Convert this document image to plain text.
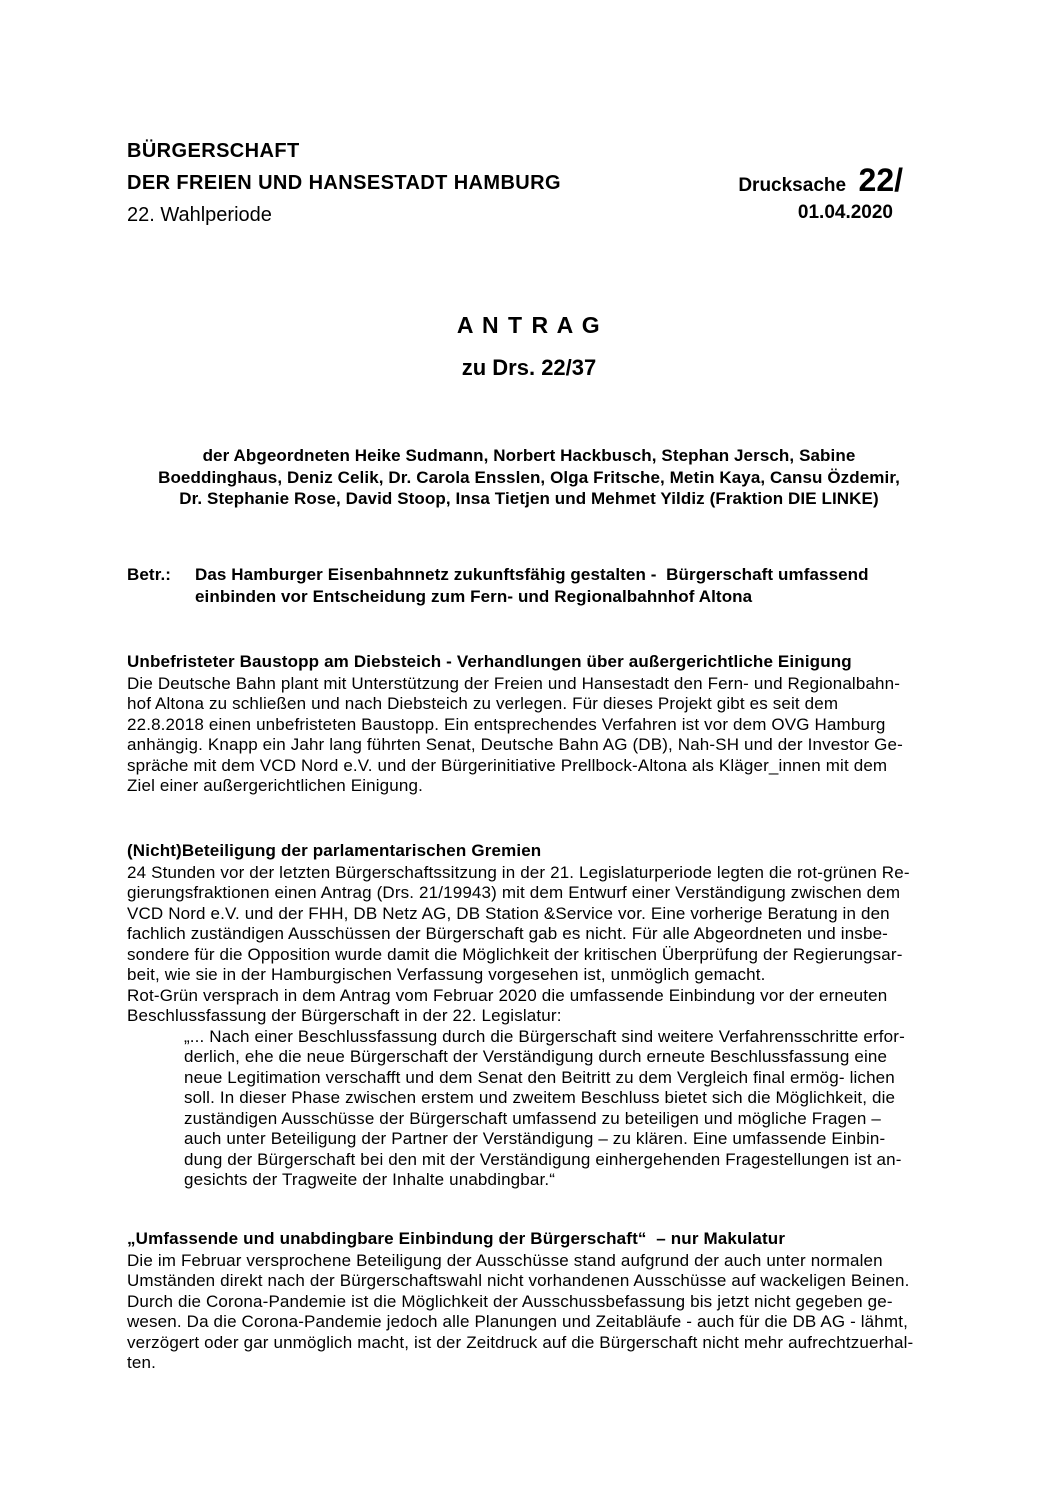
BÜRGERSCHAFT
DER FREIEN UND HANSESTADT HAMBURG
22. Wahlperiode
Drucksache 22/
01.04.2020
A N T R A G
zu Drs. 22/37
der Abgeordneten Heike Sudmann, Norbert Hackbusch, Stephan Jersch, Sabine
Boeddinghaus, Deniz Celik, Dr. Carola Ensslen, Olga Fritsche, Metin Kaya, Cansu Özdemir,
Dr. Stephanie Rose, David Stoop, Insa Tietjen und Mehmet Yildiz (Fraktion DIE LINKE)
Betr.:	Das Hamburger Eisenbahnnetz zukunftsfähig gestalten -  Bürgerschaft umfassend
einbinden vor Entscheidung zum Fern- und Regionalbahnhof Altona
Unbefristeter Baustopp am Diebsteich - Verhandlungen über außergerichtliche Einigung
Die Deutsche Bahn plant mit Unterstützung der Freien und Hansestadt den Fern- und Regionalbahn-
hof Altona zu schließen und nach Diebsteich zu verlegen. Für dieses Projekt gibt es seit dem
22.8.2018 einen unbefristeten Baustopp. Ein entsprechendes Verfahren ist vor dem OVG Hamburg
anhängig. Knapp ein Jahr lang führten Senat, Deutsche Bahn AG (DB), Nah-SH und der Investor Ge-
spräche mit dem VCD Nord e.V. und der Bürgerinitiative Prellbock-Altona als Kläger_innen mit dem
Ziel einer außergerichtlichen Einigung.
(Nicht)Beteiligung der parlamentarischen Gremien
24 Stunden vor der letzten Bürgerschaftssitzung in der 21. Legislaturperiode legten die rot-grünen Re-
gierungsfraktionen einen Antrag (Drs. 21/19943) mit dem Entwurf einer Verständigung zwischen dem
VCD Nord e.V. und der FHH, DB Netz AG, DB Station &Service vor. Eine vorherige Beratung in den
fachlich zuständigen Ausschüssen der Bürgerschaft gab es nicht. Für alle Abgeordneten und insbe-
sondere für die Opposition wurde damit die Möglichkeit der kritischen Überprüfung der Regierungsar-
beit, wie sie in der Hamburgischen Verfassung vorgesehen ist, unmöglich gemacht.
Rot-Grün versprach in dem Antrag vom Februar 2020 die umfassende Einbindung vor der erneuten
Beschlussfassung der Bürgerschaft in der 22. Legislatur:
„... Nach einer Beschlussfassung durch die Bürgerschaft sind weitere Verfahrensschritte erfor-
derlich, ehe die neue Bürgerschaft der Verständigung durch erneute Beschlussfassung eine
neue Legitimation verschafft und dem Senat den Beitritt zu dem Vergleich final ermög- lichen
soll. In dieser Phase zwischen erstem und zweitem Beschluss bietet sich die Möglichkeit, die
zuständigen Ausschüsse der Bürgerschaft umfassend zu beteiligen und mögliche Fragen –
auch unter Beteiligung der Partner der Verständigung – zu klären. Eine umfassende Einbin-
dung der Bürgerschaft bei den mit der Verständigung einhergehenden Fragestellungen ist an-
gesichts der Tragweite der Inhalte unabdingbar.“
„Umfassende und unabdingbare Einbindung der Bürgerschaft“  – nur Makulatur
Die im Februar versprochene Beteiligung der Ausschüsse stand aufgrund der auch unter normalen
Umständen direkt nach der Bürgerschaftswahl nicht vorhandenen Ausschüsse auf wackeligen Beinen.
Durch die Corona-Pandemie ist die Möglichkeit der Ausschussbefassung bis jetzt nicht gegeben ge-
wesen. Da die Corona-Pandemie jedoch alle Planungen und Zeitabläufe - auch für die DB AG - lähmt,
verzögert oder gar unmöglich macht, ist der Zeitdruck auf die Bürgerschaft nicht mehr aufrechtzuerhal-
ten.
